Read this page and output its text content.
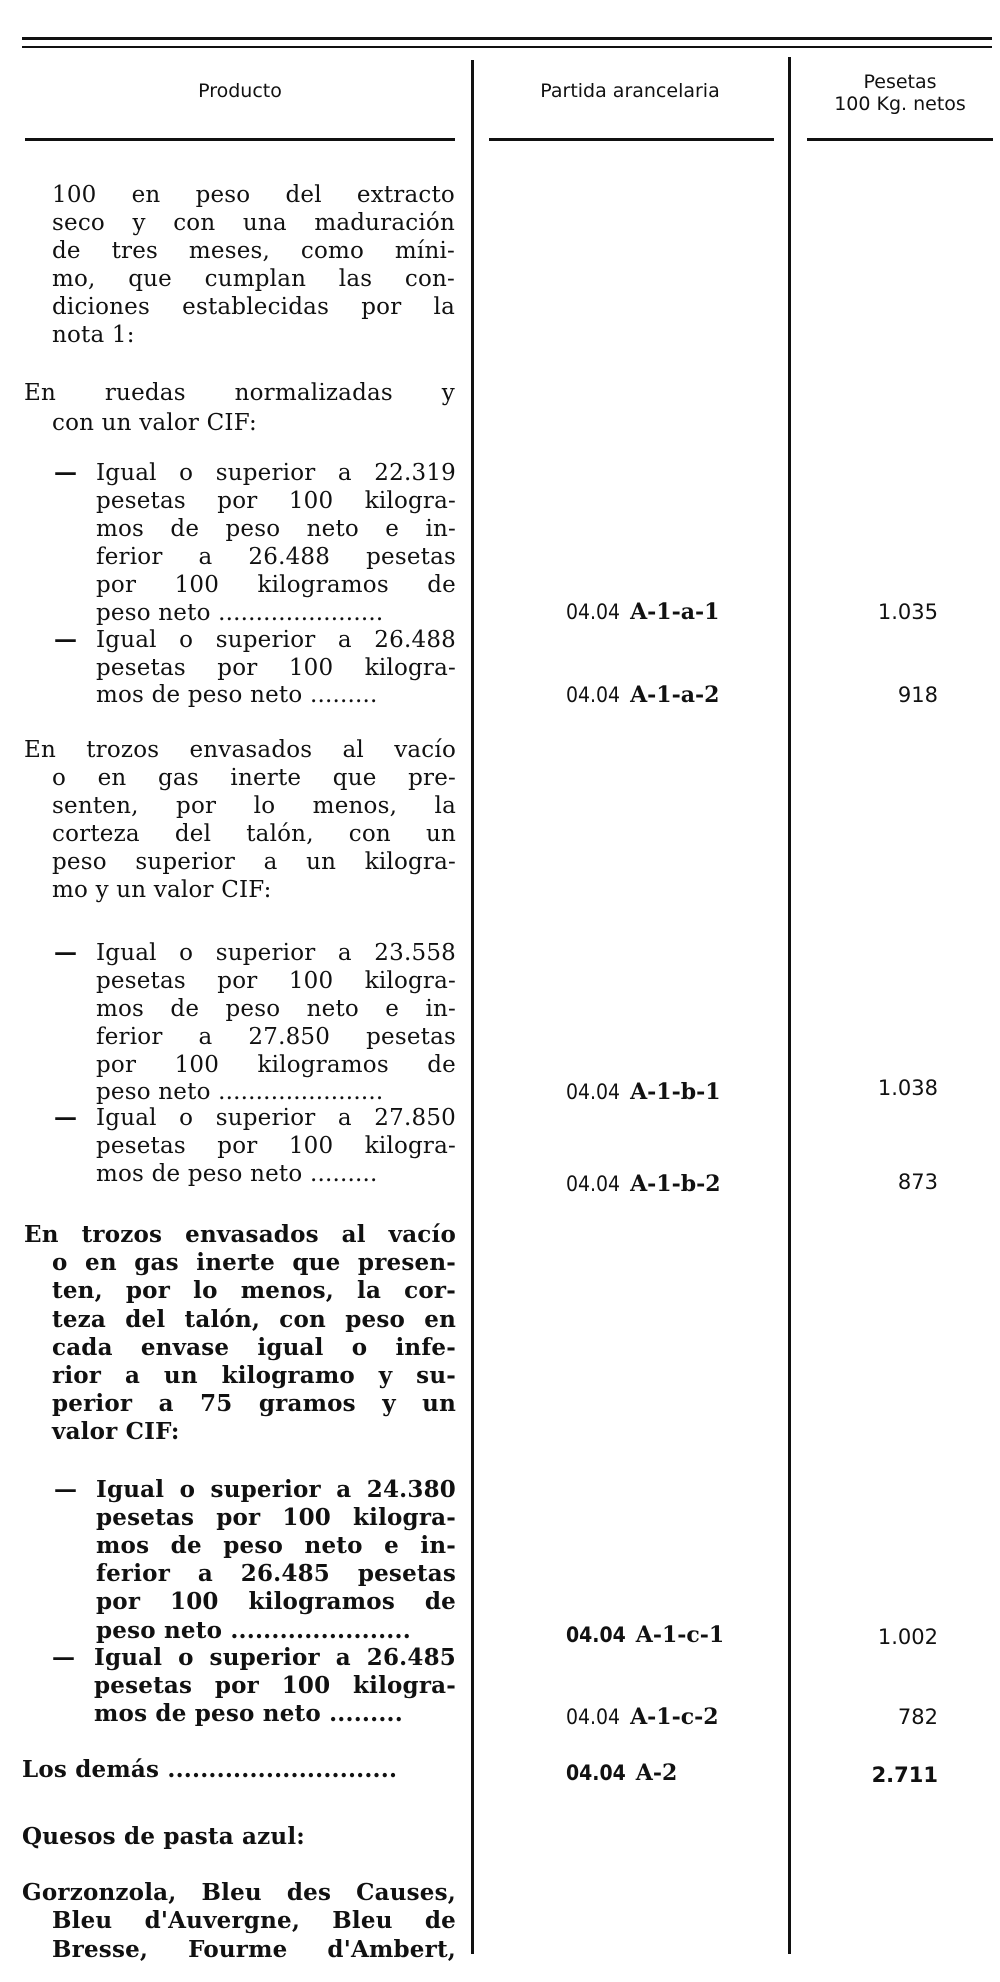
Producto	Partida arancelaria	Pesetas
100 Kg. netos
100 en peso del extracto
seco y con una maduración
de tres meses, como míni-
mo, que cumplan las con-
diciones establecidas por la
nota 1:
En ruedas normalizadas y
con un valor CIF:
— Igual o superior a 22.319
pesetas por 100 kilogra-
mos de peso neto e in-
ferior a 26.488 pesetas
por 100 kilogramos de
peso neto ......................	04.04 A-1-a-1	1.035
— Igual o superior a 26.488
pesetas por 100 kilogra-
mos de peso neto .........	04.04 A-1-a-2	918
En trozos envasados al vacío
o en gas inerte que pre-
senten, por lo menos, la
corteza del talón, con un
peso superior a un kilogra-
mo y un valor CIF:
— Igual o superior a 23.558
pesetas por 100 kilogra-
mos de peso neto e in-
ferior a 27.850 pesetas
por 100 kilogramos de
peso neto ......................	04.04 A-1-b-1	1.038
— Igual o superior a 27.850
pesetas por 100 kilogra-
mos de peso neto .........	04.04 A-1-b-2	873
En trozos envasados al vacío
o en gas inerte que presen-
ten, por lo menos, la cor-
teza del talón, con peso en
cada envase igual o infe-
rior a un kilogramo y su-
perior a 75 gramos y un
valor CIF:
— Igual o superior a 24.380
pesetas por 100 kilogra-
mos de peso neto e in-
ferior a 26.485 pesetas
por 100 kilogramos de
peso neto ......................	04.04 A-1-c-1	1.002
— Igual o superior a 26.485
pesetas por 100 kilogra-
mos de peso neto .........	04.04 A-1-c-2	782
Los demás ............................	04.04 A-2	2.711
Quesos de pasta azul:
Gorzonzola, Bleu des Causes,
Bleu d'Auvergne, Bleu de
Bresse, Fourme d'Ambert,
